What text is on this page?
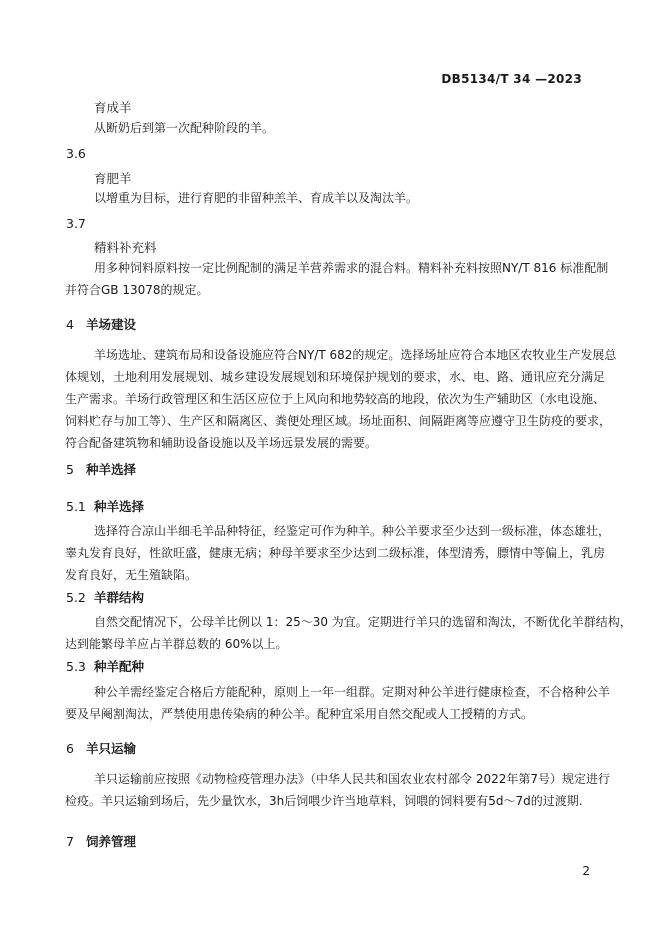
DB5134/T 34 —2023
育成羊
从断奶后到第一次配种阶段的羊。
3.6
育肥羊
以增重为目标，进行育肥的非留种羔羊、育成羊以及淘汰羊。
3.7
精料补充料
用多种饲料原料按一定比例配制的满足羊营养需求的混合料。精料补充料按照NY/T 816 标准配制
并符合GB 13078的规定。
4 羊场建设
羊场选址、建筑布局和设备设施应符合NY/T 682的规定。选择场址应符合本地区农牧业生产发展总
体规划，土地利用发展规划、城乡建设发展规划和环境保护规划的要求，水、电、路、通讯应充分满足
生产需求。羊场行政管理区和生活区应位于上风向和地势较高的地段，依次为生产辅助区（水电设施、
饲料贮存与加工等）、生产区和隔离区、粪便处理区域。场址面积、间隔距离等应遵守卫生防疫的要求，
符合配备建筑物和辅助设备设施以及羊场远景发展的需要。
5 种羊选择
5.1 种羊选择
选择符合凉山半细毛羊品种特征，经鉴定可作为种羊。种公羊要求至少达到一级标准，体态雄壮，
睾丸发育良好，性欲旺盛，健康无病；种母羊要求至少达到二级标准，体型清秀，膘情中等偏上，乳房
发育良好，无生殖缺陷。
5.2 羊群结构
自然交配情况下，公母羊比例以 1：25～30 为宜。定期进行羊只的选留和淘汰，不断优化羊群结构，
达到能繁母羊应占羊群总数的 60%以上。
5.3 种羊配种
种公羊需经鉴定合格后方能配种，原则上一年一组群。定期对种公羊进行健康检查，不合格种公羊
要及早阉割淘汰，严禁使用患传染病的种公羊。配种宜采用自然交配或人工授精的方式。
6 羊只运输
羊只运输前应按照《动物检疫管理办法》（中华人民共和国农业农村部令 2022年第7号）规定进行
检疫。羊只运输到场后，先少量饮水，3h后饲喂少许当地草料，饲喂的饲料要有5d～7d的过渡期.
7 饲养管理
2
